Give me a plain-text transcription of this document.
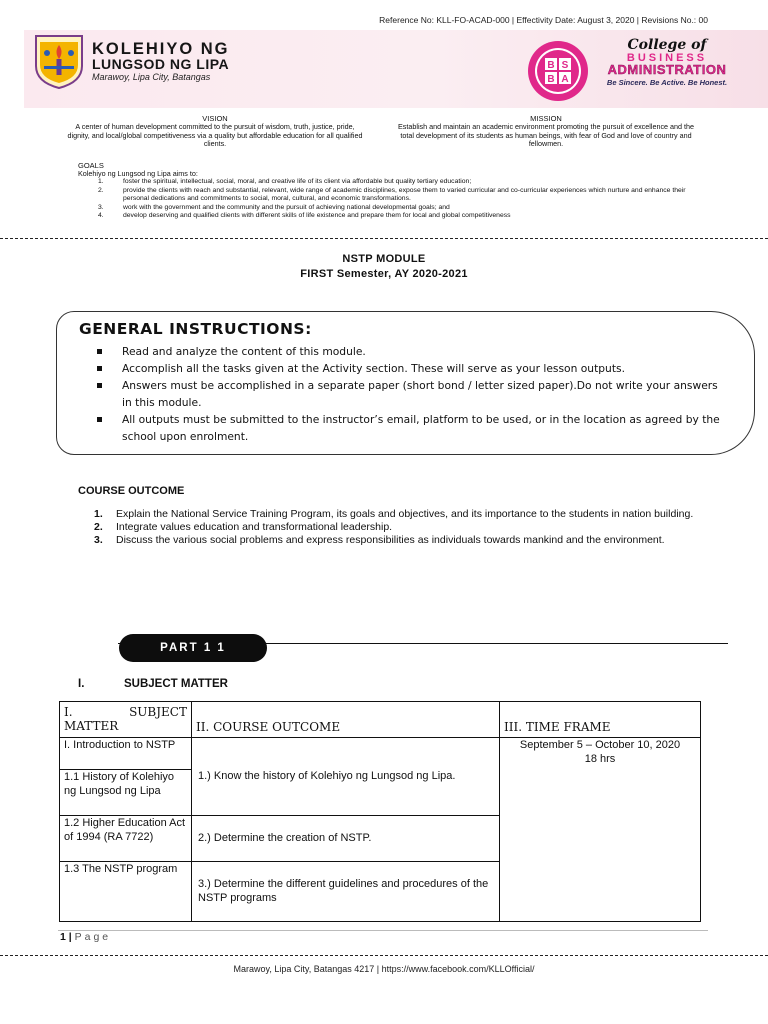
Reference No: KLL-FO-ACAD-000 | Effectivity Date: August 3, 2020 | Revisions No.: 00
KOLEHIYO NG
LUNGSOD NG LIPA
Marawoy, Lipa City, Batangas
B S
B A
College of
BUSINESS
ADMINISTRATION
Be Sincere. Be Active. Be Honest.
VISION
A center of human development committed to the pursuit of wisdom, truth, justice, pride, dignity, and local/global competitiveness via a quality but affordable education for all qualified clients.
MISSION
Establish and maintain an academic environment promoting the pursuit of excellence and the total development of its students as human beings, with fear of God and love of country and fellowmen.
GOALS
Kolehiyo ng Lungsod ng Lipa aims to:
1.	foster the spiritual, intellectual, social, moral, and creative life of its client via affordable but quality tertiary education;
2.	provide the clients with reach and substantial, relevant, wide range of academic disciplines, expose them to varied curricular and co-curricular experiences which nurture and enhance their personal dedications and commitments to social, moral, cultural, and economic transformations.
3.	work with the government and the community and the pursuit of achieving national developmental goals; and
4.	develop deserving and qualified clients with different skills of life existence and prepare them for local and global competitiveness
NSTP MODULE
FIRST Semester, AY 2020-2021
GENERAL INSTRUCTIONS:
Read and analyze the content of this module.
Accomplish all the tasks given at the Activity section. These will serve as your lesson outputs.
Answers must be accomplished in a separate paper (short bond / letter sized paper).Do not write your answers in this module.
All outputs must be submitted to the instructor’s email, platform to be used, or in the location as agreed by the school upon enrolment.
COURSE OUTCOME
1. Explain the National Service Training Program, its goals and objectives, and its importance to the students in nation building.
2. Integrate values education and transformational leadership.
3. Discuss the various social problems and express responsibilities as individuals towards mankind and the environment.
PART 1 1
I.	SUBJECT MATTER
I. SUBJECT MATTER	II. COURSE OUTCOME	III. TIME FRAME
I. Introduction to NSTP	1.) Know the history of Kolehiyo ng Lungsod ng Lipa.	September 5 – October 10, 2020
18 hrs

1.1 History of Kolehiyo ng Lungsod ng Lipa		
1.2 Higher Education Act of 1994 (RA 7722)	2.) Determine the creation of NSTP.	
1.3 The NSTP program	3.) Determine the different guidelines and procedures of the NSTP programs	
1 | Page
Marawoy, Lipa City, Batangas 4217 | https://www.facebook.com/KLLOfficial/
